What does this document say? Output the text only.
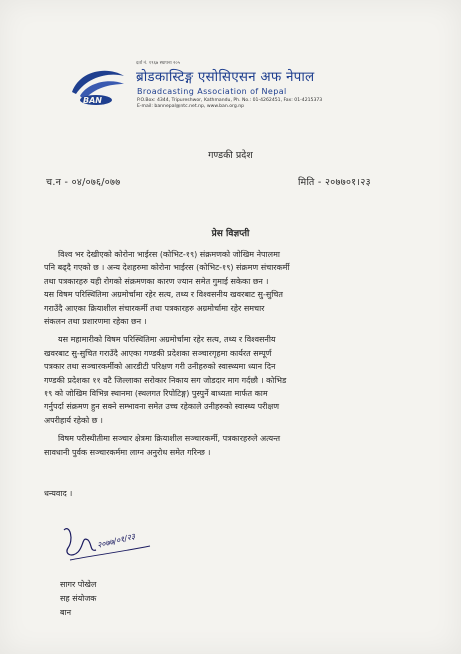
BAN
दर्ता नं. १९६७ स्थापना २०५
ब्रोडकास्टिङ्ग एसोसिएसन अफ नेपाल
Broadcasting Association of Nepal
P.O.Box: 4344, Tripureshwor, Kathmandu, Ph. No.: 01-4262451, Fax: 01-4215373
E-mail: bannepal@ntc.net.np, www.ban.org.np
गण्डकी प्रदेश
च.न - ०४/०७६/०७७	मिति - २०७७०१।२३
प्रेस विज्ञप्ती

विश्व भर देखीएको कोरोना भाईरस (कोभिट-१९) संक्रमणको जोखिम नेपालमा
पनि बढ्दै गएको छ । अन्य देशहरुमा कोरोना भाईरस (कोभिट-१९) संक्रमण संचारकर्मी
तथा पत्रकारहरु यही रोगको संक्रमणका कारण ज्यान समेत गुमाई सकेका छन ।
यस विषम परिस्थितिमा अग्रमोर्चामा रहेर सत्य, तथ्य र विश्वसनीय खवरबाट सु-सुचित
गराउँदै आएका क्रियाशील संचारकर्मी तथा पत्रकारहरु अग्रमोर्चामा रहेर समचार
संकलन तथा प्रशारणमा रहेका छन ।

यस महामारीको विषम परिस्थितिमा अग्रमोर्चामा रहेर सत्य, तथ्य र विश्वसनीय
खवरबाट सु-सुचित गराउँदै आएका गण्डकी प्रदेशका सञ्चारगृहमा कार्यरत सम्पूर्ण
पत्रकार तथा सञ्चारकर्मीको आरडीटी परिक्षण गरी उनीहरुको स्वास्थ्यमा ध्यान दिन
गण्डकी प्रदेशका ११ वटै जिल्लाका सरोकार निकाय सग जोडदार माग गर्दछौ । कोभिड
१९ को जोखिम विभिन्न स्थानमा (स्थलगत रिपोटिङ्ग) पुस्पुर्ने बाध्यता मार्फत काम
गर्नुपर्दा संक्रमण हुन सक्ने सम्भावना समेत उच्च रहेकाले उनीहरुको स्वास्थ्य परीक्षण
अपरीहार्य रहेको छ ।

विषम परीस्थीतीमा सञ्चार क्षेत्रमा क्रियाशील सञ्चारकर्मी, पत्रकारहरुले अत्यन्त
सावधानी पुर्वक सञ्चारकर्ममा लाग्न अनुरोध समेत गरिन्छ ।

धन्यवाद ।
२०७७/०१/२३
सागर पोखेल
सह संयोजक
बान
